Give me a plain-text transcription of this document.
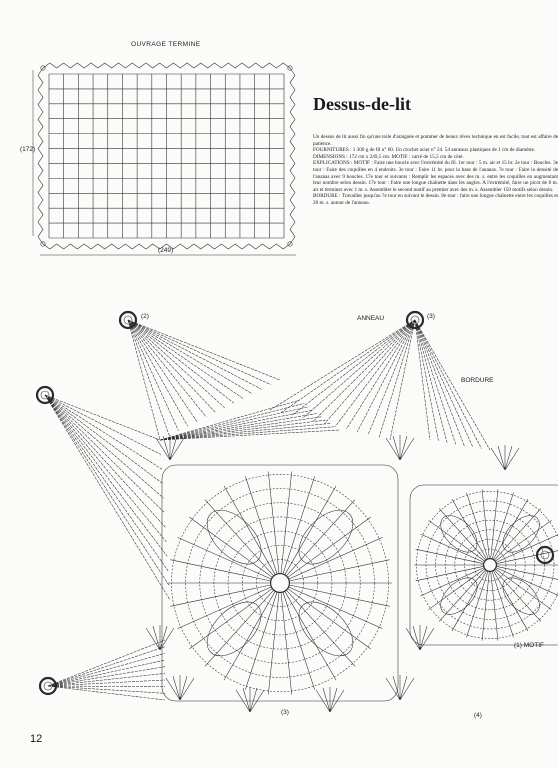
OUVRAGE TERMINE
(172)
(249)
Dessus-de-lit

Un dessus de lit aussi fin qu'une toile d'araignée et pommer de beaux rêves technique en est facile, tout est affaire de patience.

FOURNITURES : 1 300 g de fil n° 60. Un crochet acier n° 24. 54 anneaux plastiques de 1 cm de diamètre.

DIMENSIONS : 172 cm x 249,5 cm. MOTIF : carré de 15,5 cm de côté.

EXPLICATIONS : MOTIF : Faire une boucle avec l'extrémité du fil. 1er tour : 5 m. air et 15 br. 2e tour : Boucles. 3e tour : Faire des coquilles en 4 endroits. 3e tour : Faire 11 br. pour la base de l'ananas. 7e tour : Faire la densité de l'ananas avec 9 boucles. 17e tour et suivants : Remplir les espaces avec des m. s. entre les coquilles en augmentant leur nombre selon dessin. 17e tour : Faire une longue chaînette dans les angles. A l'extrémité, faire un picot de 8 m. air et terminer avec 1 m. s. Assembler le second motif au premier avec des m. s. Assembler 150 motifs selon dessin.

BORDURE : Travailler jusqu'au 7e tour en suivant le dessin. 8e tour : faire une longue chaînette entre les coquilles et 20 m. s. autour de l'anneau.

ANNEAU
BORDURE
(1) MOTIF
(3)	(4)
(2)	(3)
12
